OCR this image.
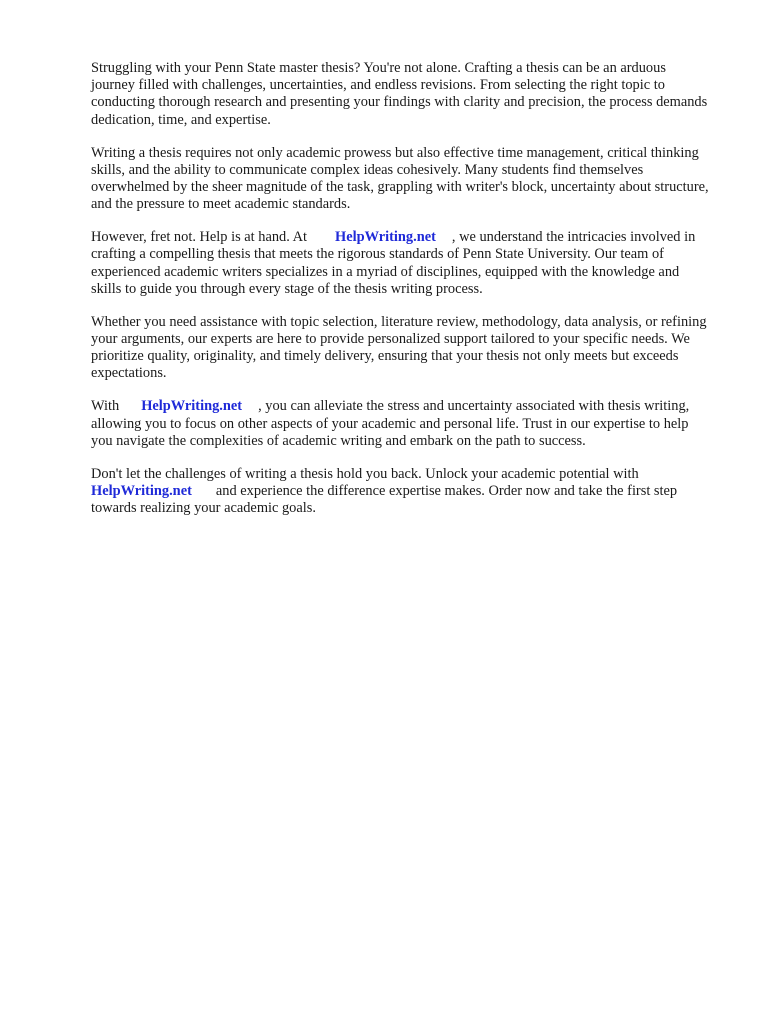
Struggling with your Penn State master thesis? You're not alone. Crafting a thesis can be an arduous journey filled with challenges, uncertainties, and endless revisions. From selecting the right topic to conducting thorough research and presenting your findings with clarity and precision, the process demands dedication, time, and expertise.

Writing a thesis requires not only academic prowess but also effective time management, critical thinking skills, and the ability to communicate complex ideas cohesively. Many students find themselves overwhelmed by the sheer magnitude of the task, grappling with writer's block, uncertainty about structure, and the pressure to meet academic standards.

However, fret not. Help is at hand. At HelpWriting.net , we understand the intricacies involved in crafting a compelling thesis that meets the rigorous standards of Penn State University. Our team of experienced academic writers specializes in a myriad of disciplines, equipped with the knowledge and skills to guide you through every stage of the thesis writing process.

Whether you need assistance with topic selection, literature review, methodology, data analysis, or refining your arguments, our experts are here to provide personalized support tailored to your specific needs. We prioritize quality, originality, and timely delivery, ensuring that your thesis not only meets but exceeds expectations.

With HelpWriting.net , you can alleviate the stress and uncertainty associated with thesis writing, allowing you to focus on other aspects of your academic and personal life. Trust in our expertise to help you navigate the complexities of academic writing and embark on the path to success.

Don't let the challenges of writing a thesis hold you back. Unlock your academic potential with HelpWriting.net and experience the difference expertise makes. Order now and take the first step towards realizing your academic goals.
